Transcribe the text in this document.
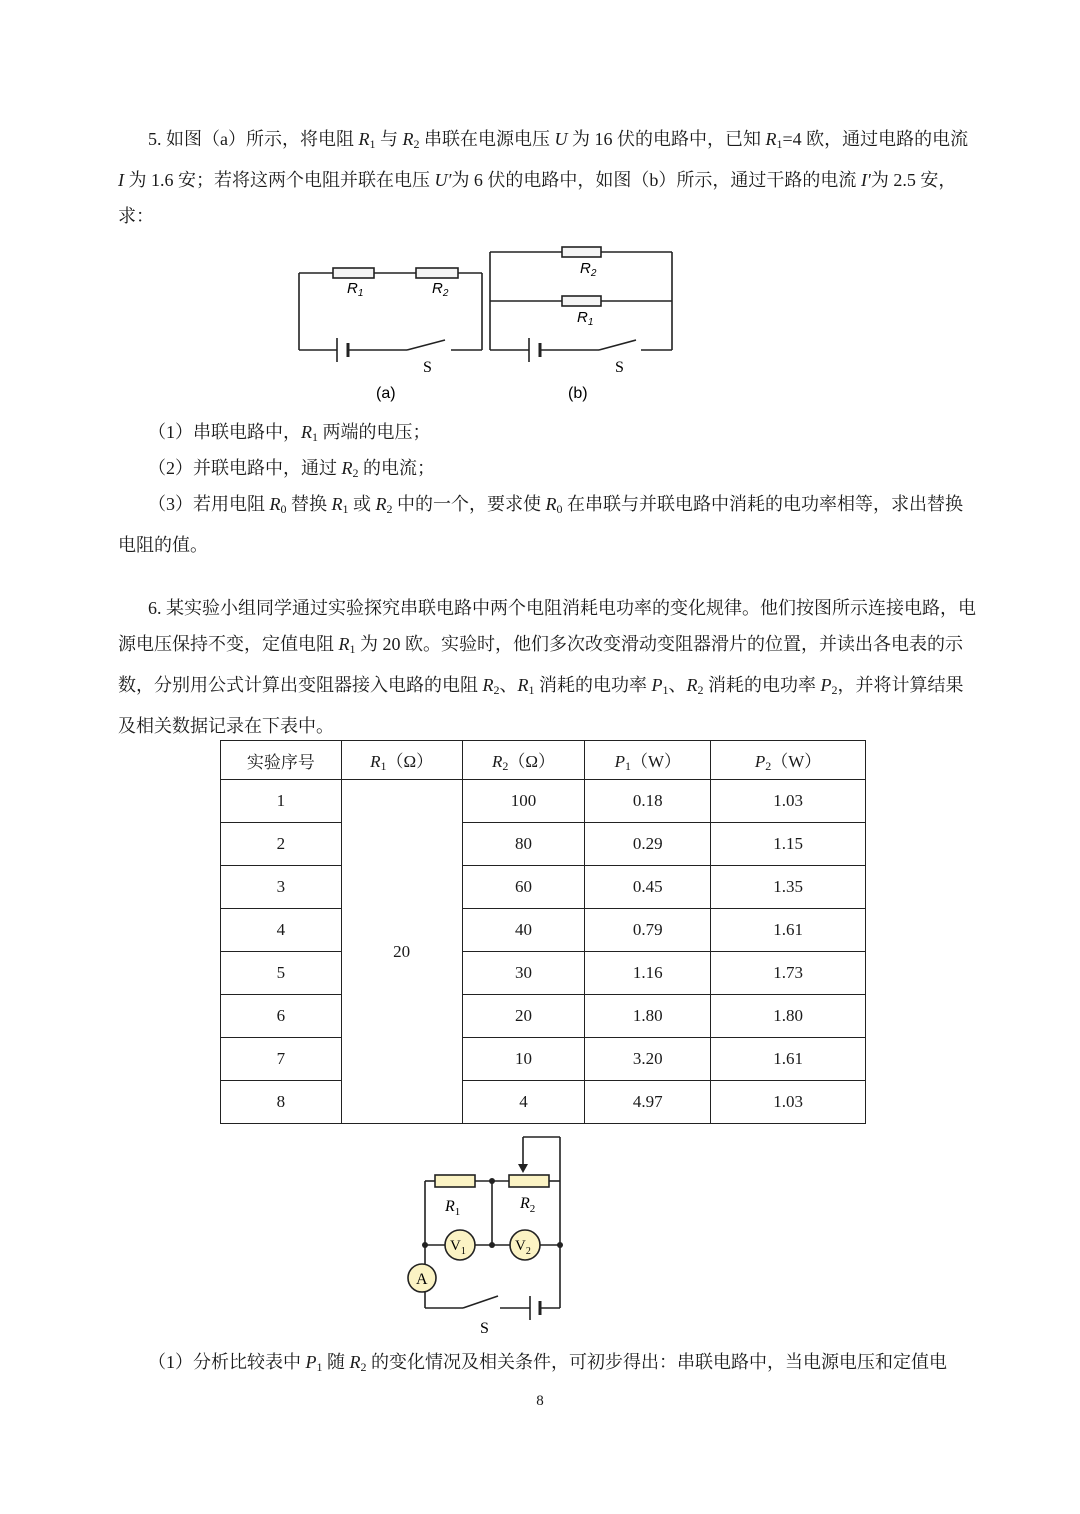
5. 如图（a）所示，将电阻 $R_1$ 与 $R_2$ 串联在电源电压 U 为 16 伏的电路中，已知 $R_1=4$ 欧，通过电路的电流 I 为 1.6 安；若将这两个电阻并联在电压 U′为 6 伏的电路中，如图（b）所示，通过干路的电流 I′为 2.5 安，求：

$R_1$	$R_2$
S
(a)
$R_2$
$R_1$
S
(b)

（1）串联电路中，$R_1$ 两端的电压；

（2）并联电路中，通过 $R_2$ 的电流；

（3）若用电阻 $R_0$ 替换 $R_1$ 或 $R_2$ 中的一个，要求使 $R_0$ 在串联与并联电路中消耗的电功率相等，求出替换电阻的值。

6. 某实验小组同学通过实验探究串联电路中两个电阻消耗电功率的变化规律。他们按图所示连接电路，电源电压保持不变，定值电阻 $R_1$ 为 20 欧。实验时，他们多次改变滑动变阻器滑片的位置，并读出各电表的示数，分别用公式计算出变阻器接入电路的电阻 $R_2$、$R_1$ 消耗的电功率 $P_1$、$R_2$ 消耗的电功率 $P_2$，并将计算结果及相关数据记录在下表中。

实验序号	$R_1(\Omega)$	$R_2(\Omega)$	$P_1(W)$	$P_2(W)$
1	20	100	0.18	1.03
2		80	0.29	1.15
3		60	0.45	1.35
4		40	0.79	1.61
5		30	1.16	1.73
6		20	1.80	1.80
7		10	3.20	1.61
8		4	4.97	1.03
$R_1$	$R_2$
$V_1$	$V_2$
A
S

（1）分析比较表中 $P_1$ 随 $R_2$ 的变化情况及相关条件，可初步得出：串联电路中，当电源电压和定值电

8
